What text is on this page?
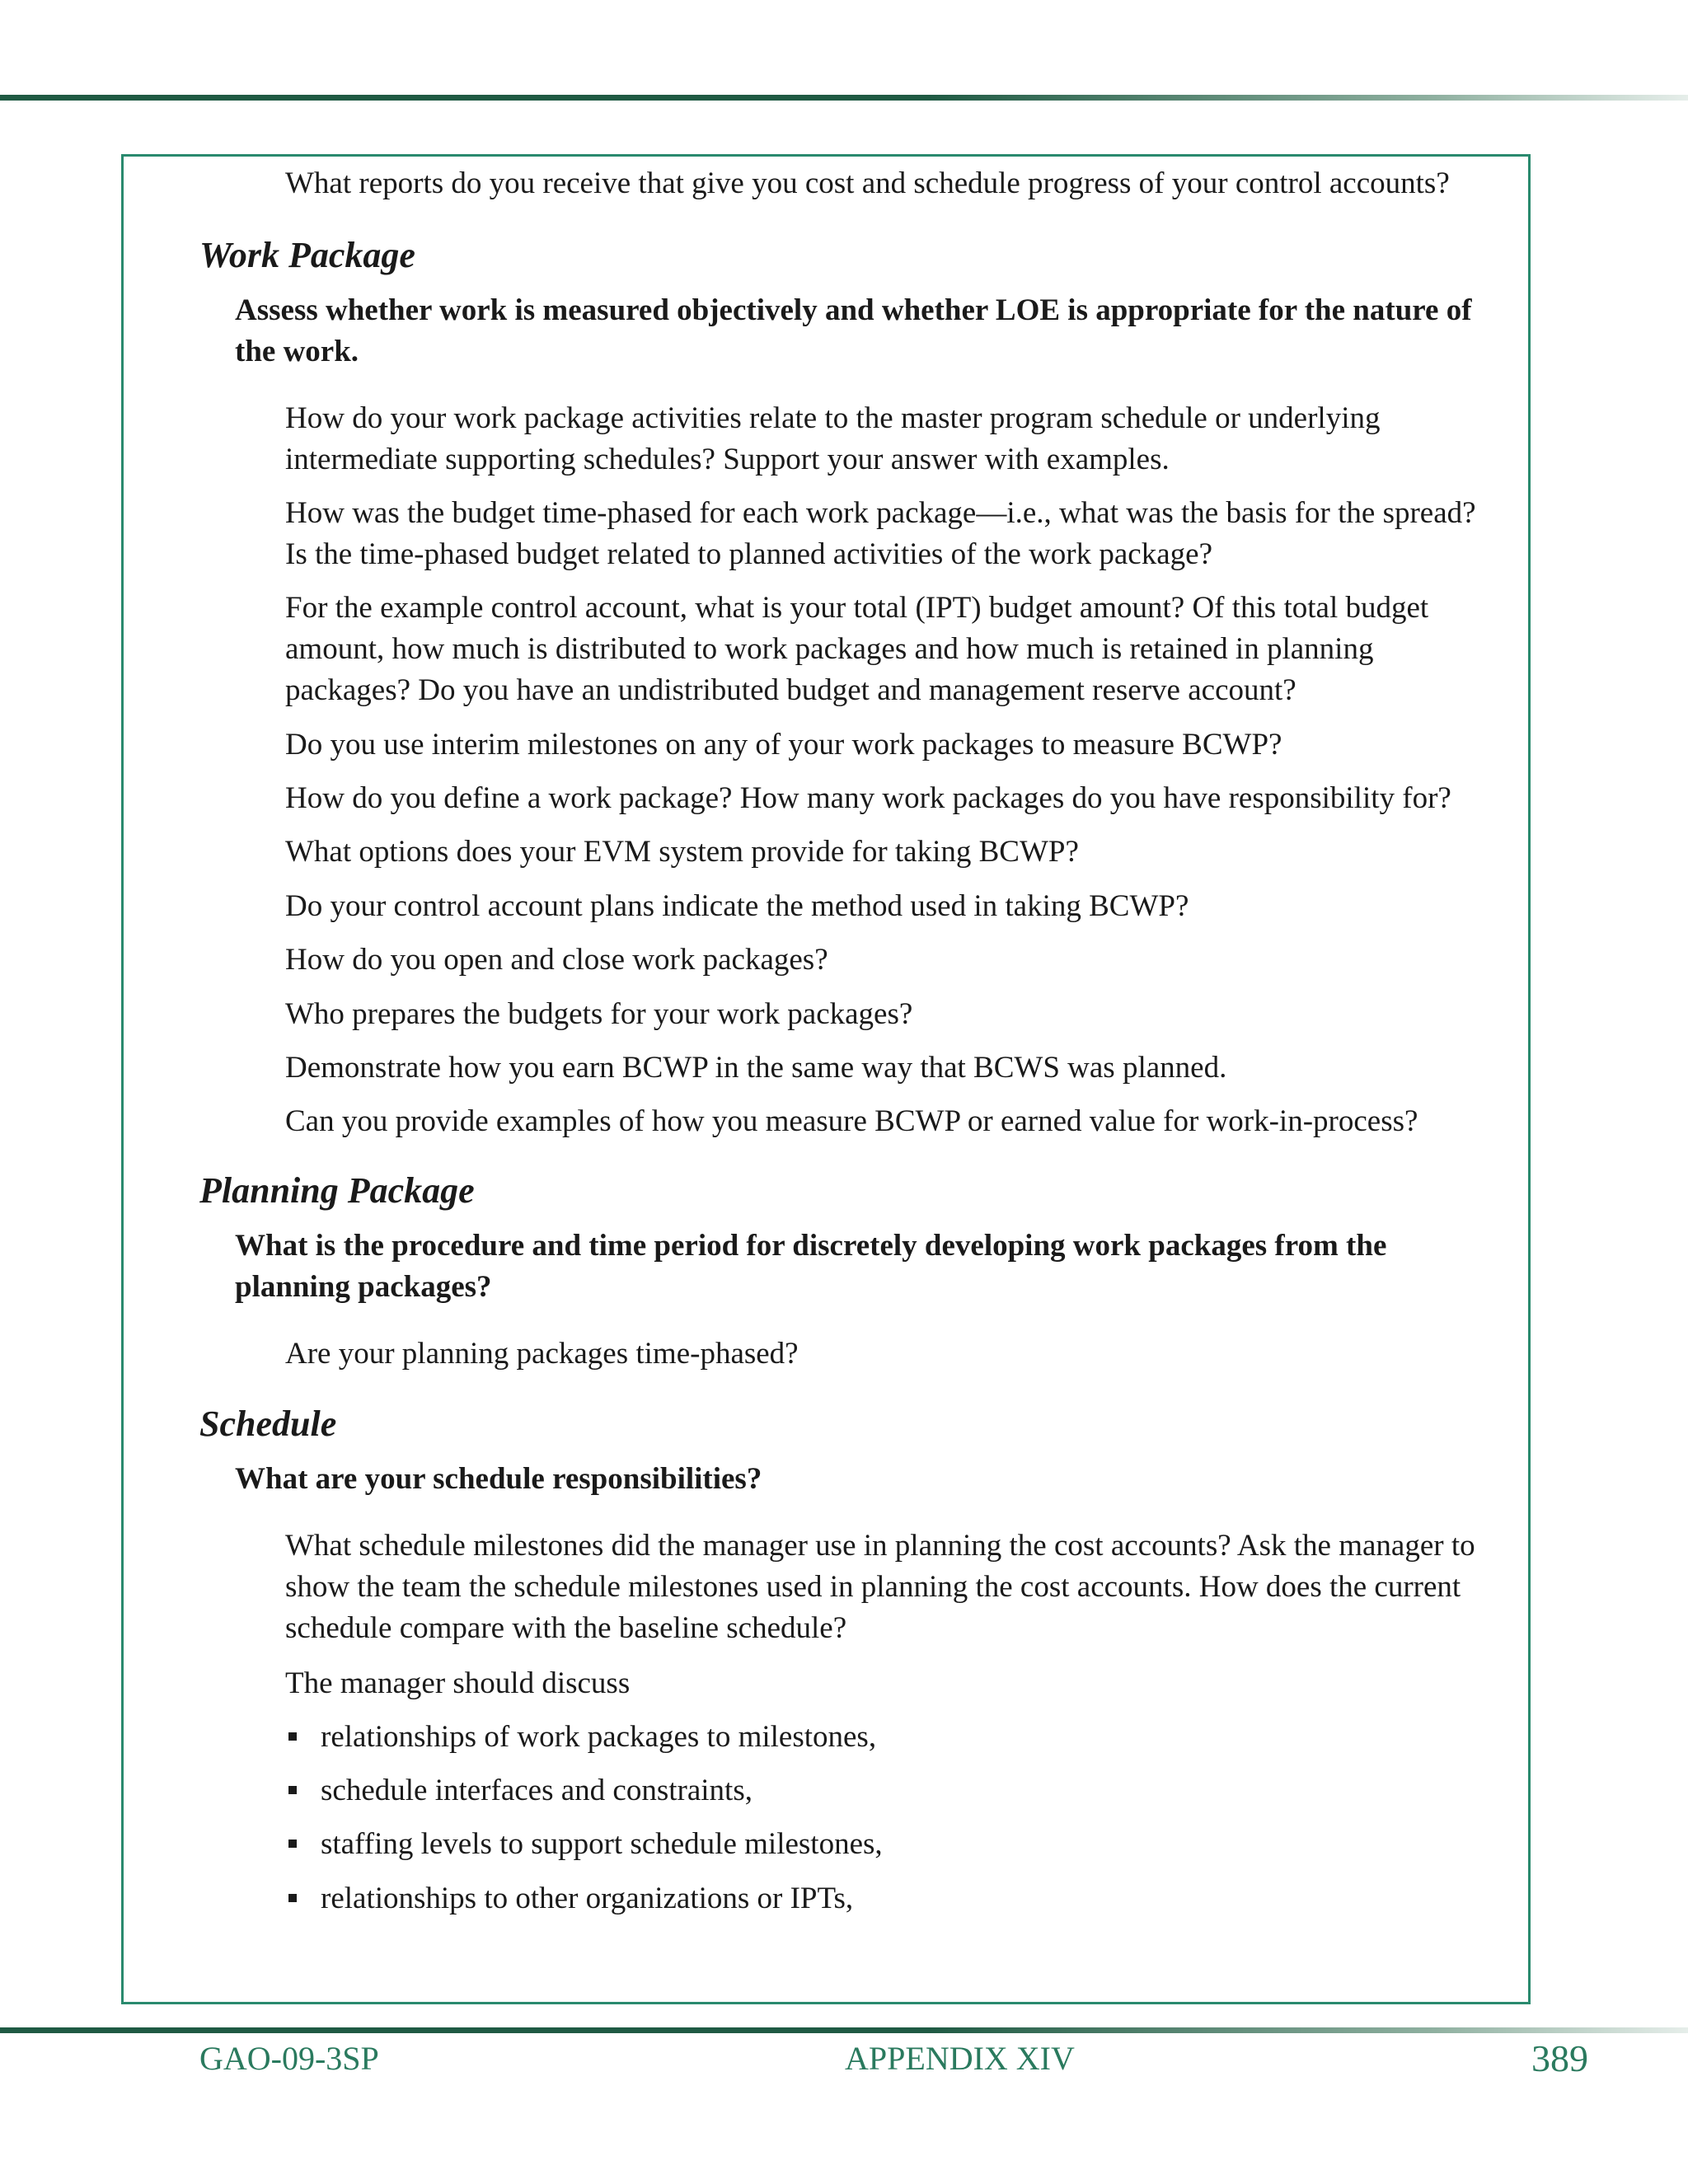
What reports do you receive that give you cost and schedule progress of your control accounts?
Work Package
Assess whether work is measured objectively and whether LOE is appropriate for the nature of the work.
How do your work package activities relate to the master program schedule or underlying intermediate supporting schedules? Support your answer with examples.
How was the budget time-phased for each work package—i.e., what was the basis for the spread? Is the time-phased budget related to planned activities of the work package?
For the example control account, what is your total (IPT) budget amount? Of this total budget amount, how much is distributed to work packages and how much is retained in planning packages? Do you have an undistributed budget and management reserve account?
Do you use interim milestones on any of your work packages to measure BCWP?
How do you define a work package? How many work packages do you have responsibility for?
What options does your EVM system provide for taking BCWP?
Do your control account plans indicate the method used in taking BCWP?
How do you open and close work packages?
Who prepares the budgets for your work packages?
Demonstrate how you earn BCWP in the same way that BCWS was planned.
Can you provide examples of how you measure BCWP or earned value for work-in-process?
Planning Package
What is the procedure and time period for discretely developing work packages from the planning packages?
Are your planning packages time-phased?
Schedule
What are your schedule responsibilities?
What schedule milestones did the manager use in planning the cost accounts? Ask the manager to show the team the schedule milestones used in planning the cost accounts. How does the current schedule compare with the baseline schedule?
The manager should discuss
relationships of work packages to milestones,
schedule interfaces and constraints,
staffing levels to support schedule milestones,
relationships to other organizations or IPTs,
GAO-09-3SP	APPENDIX XIV	389
